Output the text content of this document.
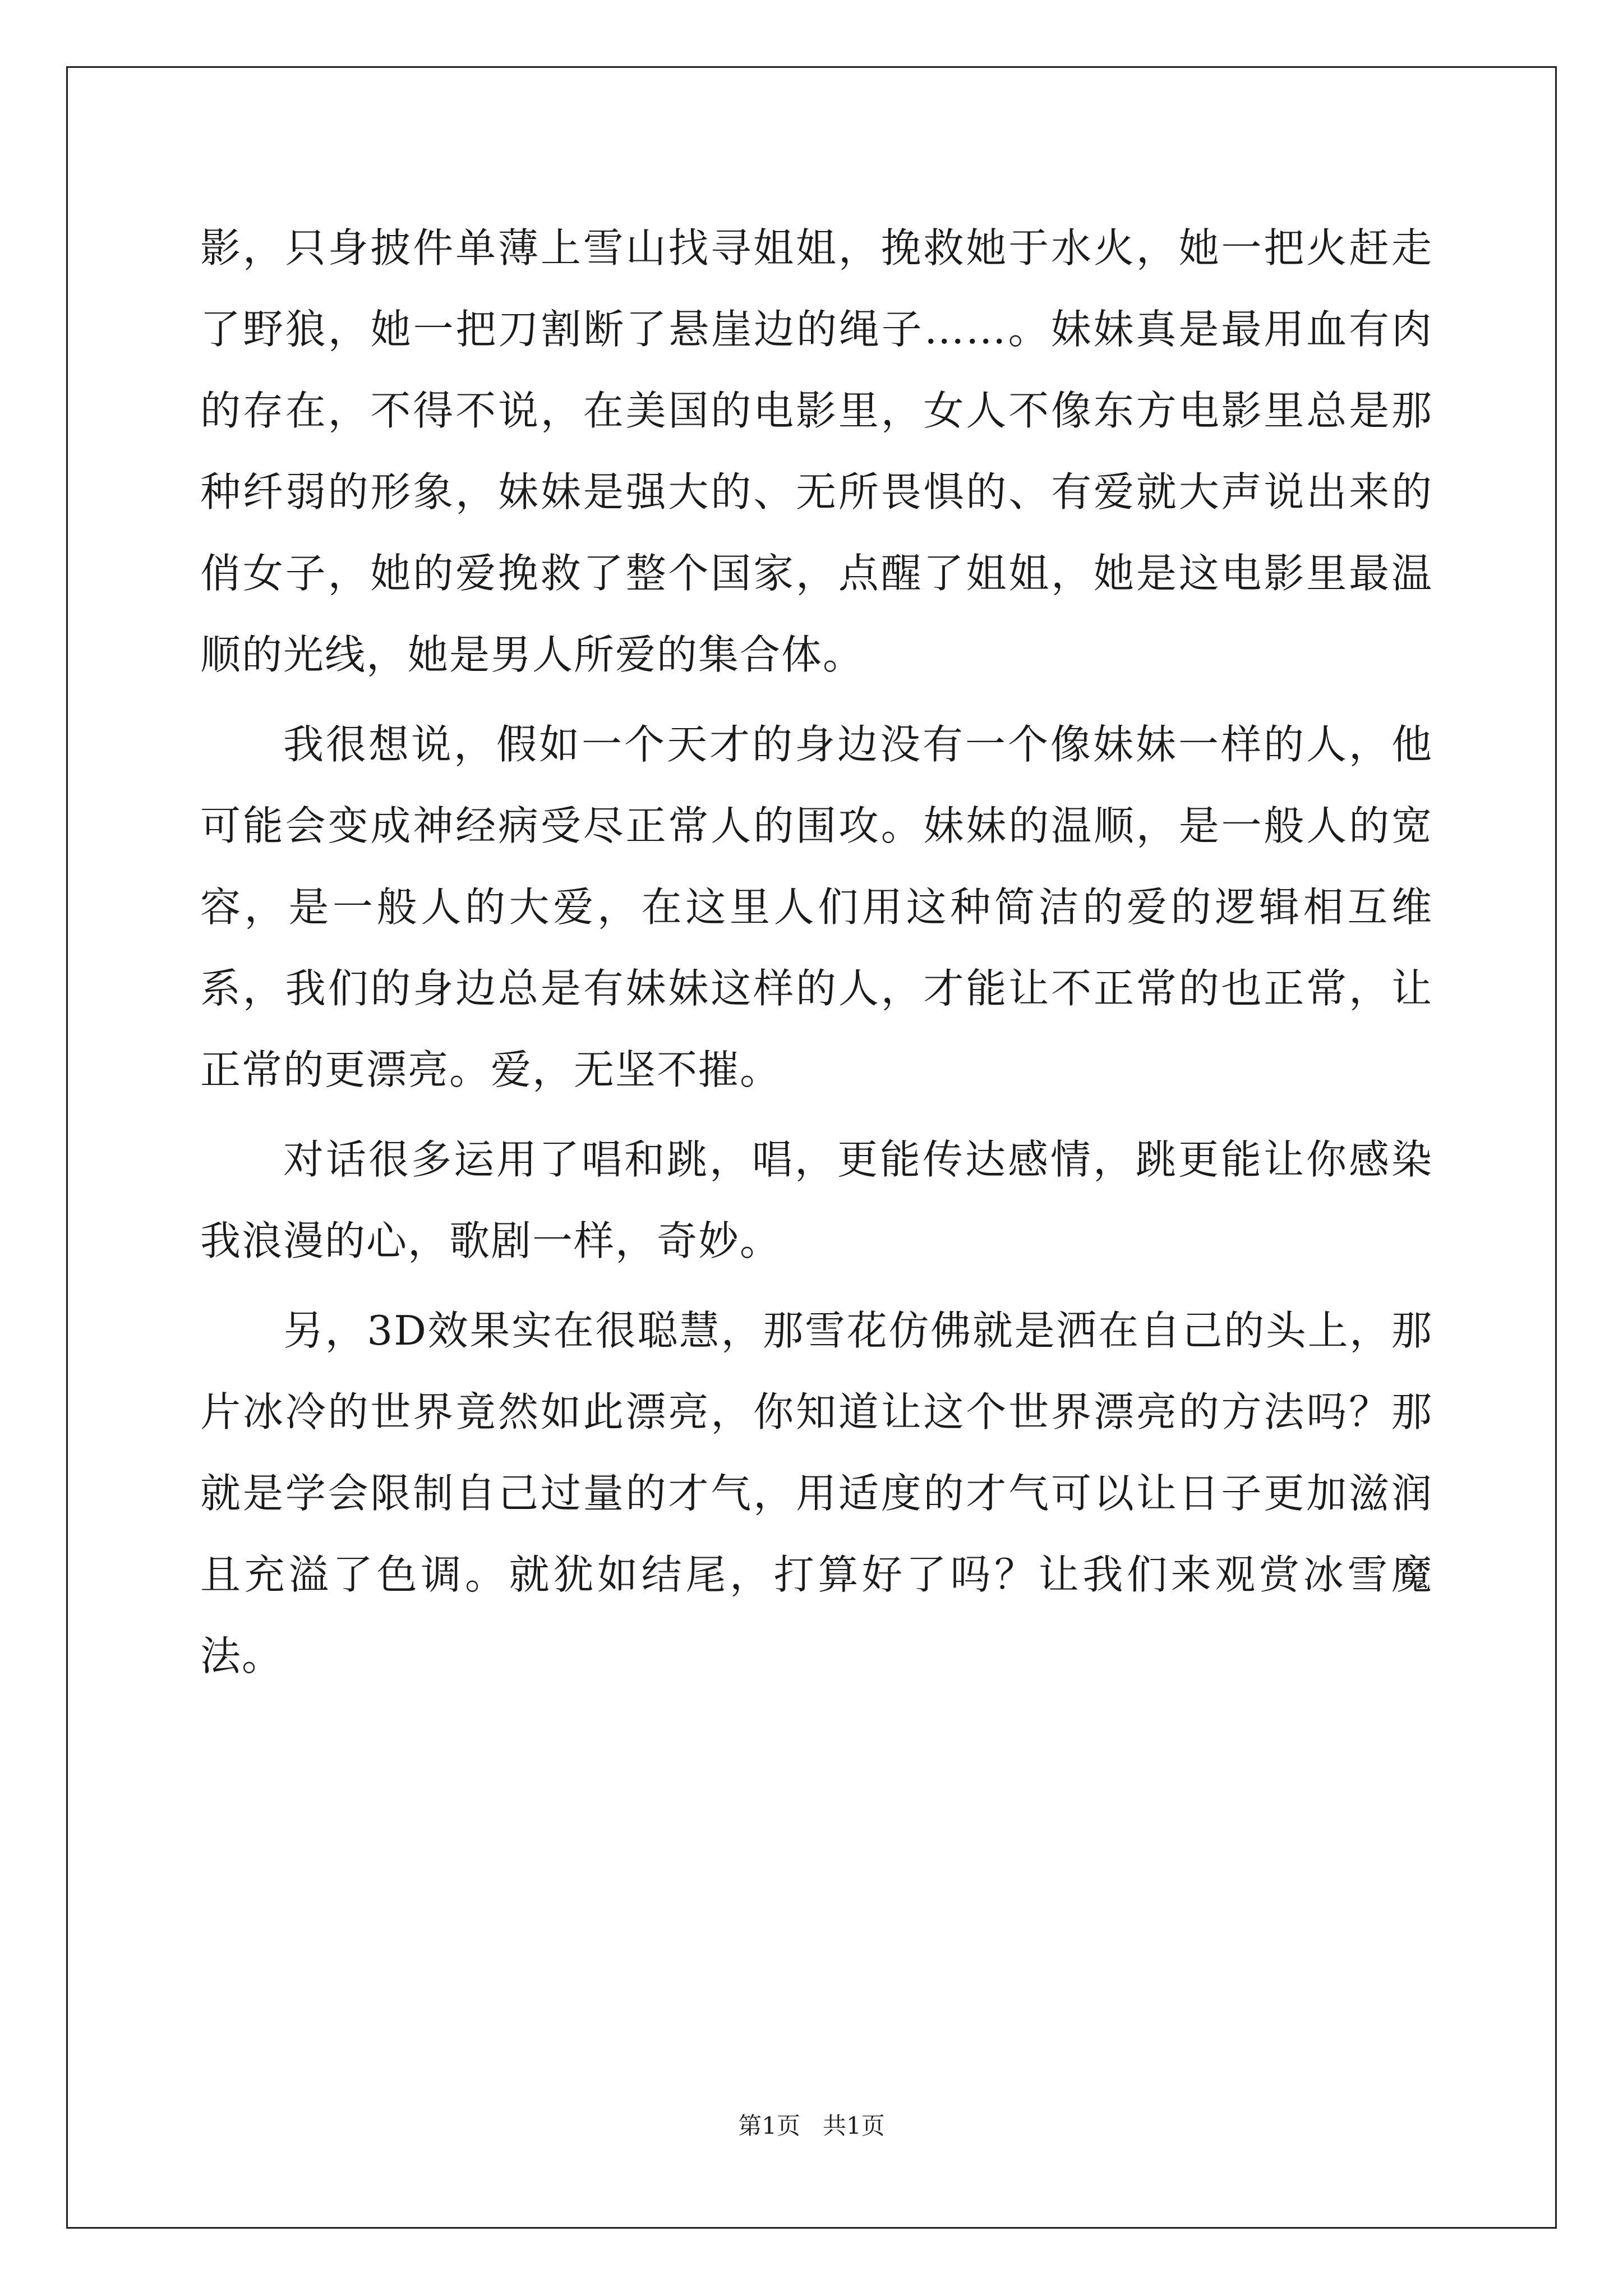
影，只身披件单薄上雪山找寻姐姐，挽救她于水火，她一把火赶走了野狼，她一把刀割断了悬崖边的绳子……。妹妹真是最用血有肉的存在，不得不说，在美国的电影里，女人不像东方电影里总是那种纤弱的形象，妹妹是强大的、无所畏惧的、有爱就大声说出来的俏女子，她的爱挽救了整个国家，点醒了姐姐，她是这电影里最温顺的光线，她是男人所爱的集合体。

我很想说，假如一个天才的身边没有一个像妹妹一样的人，他可能会变成神经病受尽正常人的围攻。妹妹的温顺，是一般人的宽容，是一般人的大爱，在这里人们用这种简洁的爱的逻辑相互维系，我们的身边总是有妹妹这样的人，才能让不正常的也正常，让正常的更漂亮。爱，无坚不摧。

对话很多运用了唱和跳，唱，更能传达感情，跳更能让你感染我浪漫的心，歌剧一样，奇妙。

另，3D效果实在很聪慧，那雪花仿佛就是洒在自己的头上，那片冰冷的世界竟然如此漂亮，你知道让这个世界漂亮的方法吗？那就是学会限制自己过量的才气，用适度的才气可以让日子更加滋润且充溢了色调。就犹如结尾，打算好了吗？让我们来观赏冰雪魔法。

第1页 共1页
